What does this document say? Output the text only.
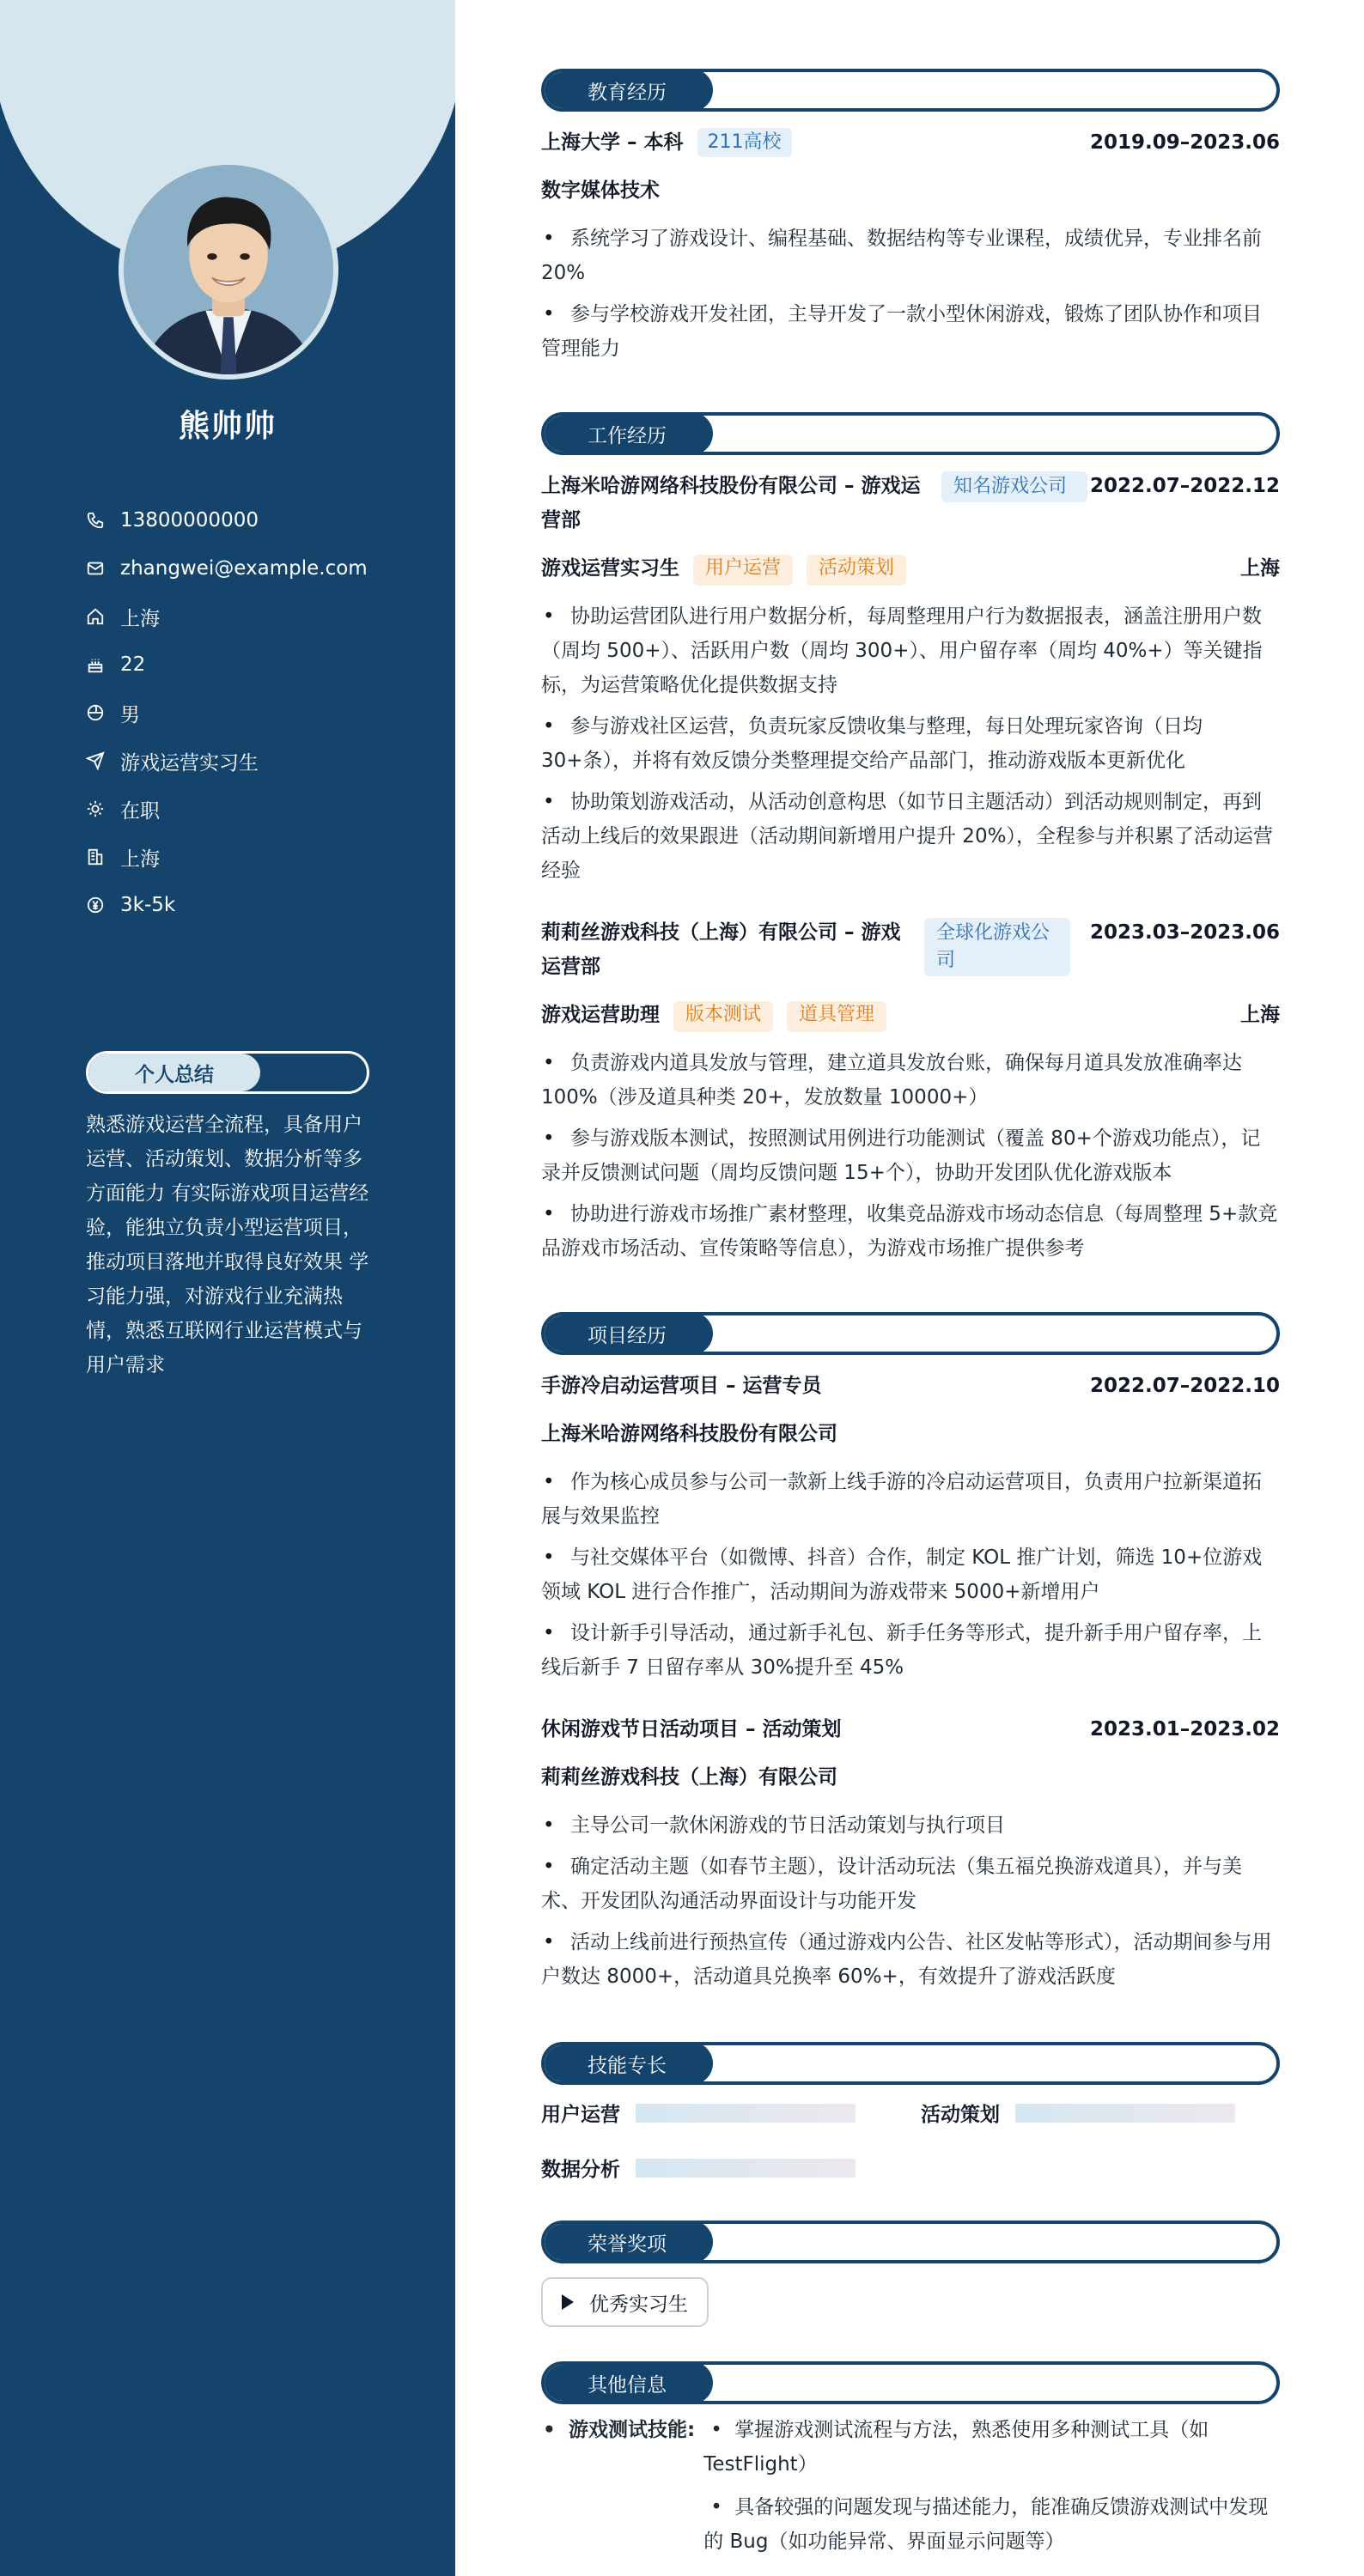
熊帅帅
13800000000
zhangwei@example.com
上海
22
男
游戏运营实习生
在职
上海
3k-5k
个人总结

熟悉游戏运营全流程，具备用户运营、活动策划、数据分析等多方面能力 有实际游戏项目运营经验，能独立负责小型运营项目，推动项目落地并取得良好效果 学习能力强，对游戏行业充满热情，熟悉互联网行业运营模式与用户需求

教育经历
上海大学 – 本科	211高校	2019.09–2023.06
数字媒体技术
• 系统学习了游戏设计、编程基础、数据结构等专业课程，成绩优异，专业排名前 20%
• 参与学校游戏开发社团，主导开发了一款小型休闲游戏，锻炼了团队协作和项目管理能力
工作经历
上海米哈游网络科技股份有限公司 – 游戏运营部
知名游戏公司	2022.07–2022.12
游戏运营实习生	用户运营	活动策划	上海
• 协助运营团队进行用户数据分析，每周整理用户行为数据报表，涵盖注册用户数（周均 500+）、活跃用户数（周均 300+）、用户留存率（周均 40%+）等关键指标，为运营策略优化提供数据支持
• 参与游戏社区运营，负责玩家反馈收集与整理，每日处理玩家咨询（日均 30+条），并将有效反馈分类整理提交给产品部门，推动游戏版本更新优化
• 协助策划游戏活动，从活动创意构思（如节日主题活动）到活动规则制定，再到活动上线后的效果跟进（活动期间新增用户提升 20%），全程参与并积累了活动运营经验
莉莉丝游戏科技（上海）有限公司 – 游戏运营部
全球化游戏公司
2023.03–2023.06
游戏运营助理	版本测试	道具管理	上海
• 负责游戏内道具发放与管理，建立道具发放台账，确保每月道具发放准确率达 100%（涉及道具种类 20+，发放数量 10000+）
• 参与游戏版本测试，按照测试用例进行功能测试（覆盖 80+个游戏功能点），记录并反馈测试问题（周均反馈问题 15+个），协助开发团队优化游戏版本
• 协助进行游戏市场推广素材整理，收集竞品游戏市场动态信息（每周整理 5+款竞品游戏市场活动、宣传策略等信息），为游戏市场推广提供参考
项目经历
手游冷启动运营项目 – 运营专员	2022.07–2022.10
上海米哈游网络科技股份有限公司
• 作为核心成员参与公司一款新上线手游的冷启动运营项目，负责用户拉新渠道拓展与效果监控
• 与社交媒体平台（如微博、抖音）合作，制定 KOL 推广计划，筛选 10+位游戏领域 KOL 进行合作推广，活动期间为游戏带来 5000+新增用户
• 设计新手引导活动，通过新手礼包、新手任务等形式，提升新手用户留存率，上线后新手 7 日留存率从 30%提升至 45%
休闲游戏节日活动项目 – 活动策划	2023.01–2023.02
莉莉丝游戏科技（上海）有限公司
• 主导公司一款休闲游戏的节日活动策划与执行项目
• 确定活动主题（如春节主题），设计活动玩法（集五福兑换游戏道具），并与美术、开发团队沟通活动界面设计与功能开发
• 活动上线前进行预热宣传（通过游戏内公告、社区发帖等形式），活动期间参与用户数达 8000+，活动道具兑换率 60%+，有效提升了游戏活跃度
技能专长
用户运营	活动策划
数据分析
荣誉奖项
优秀实习生
其他信息
• 游戏测试技能:
•	掌握游戏测试流程与方法，熟悉使用多种测试工具（如 TestFlight）
• 具备较强的问题发现与描述能力，能准确反馈游戏测试中发现的 Bug（如功能异常、界面显示问题等）
